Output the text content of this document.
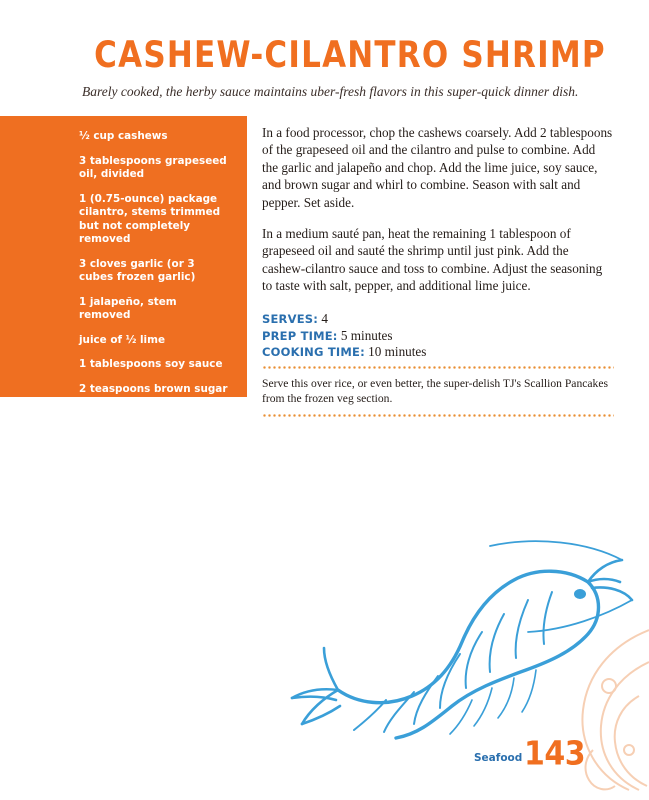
CASHEW-CILANTRO SHRIMP
Barely cooked, the herby sauce maintains uber-fresh flavors in this super-quick dinner dish.
½ cup cashews
3 tablespoons grapeseed oil, divided
1 (0.75-ounce) package cilantro, stems trimmed but not completely removed
3 cloves garlic (or 3 cubes frozen garlic)
1 jalapeño, stem removed
juice of ½ lime
1 tablespoons soy sauce
2 teaspoons brown sugar
1 pound raw shrimp, defrosted, shelled, and deveined
salt and pepper

In a food processor, chop the cashews coarsely. Add 2 tablespoons of the grapeseed oil and the cilantro and pulse to combine. Add the garlic and jalapeño and chop. Add the lime juice, soy sauce, and brown sugar and whirl to combine. Season with salt and pepper. Set aside.

In a medium sauté pan, heat the remaining 1 tablespoon of grapeseed oil and sauté the shrimp until just pink. Add the cashew-cilantro sauce and toss to combine. Adjust the seasoning to taste with salt, pepper, and additional lime juice.

SERVES: 4
PREP TIME: 5 minutes
COOKING TIME: 10 minutes
Serve this over rice, or even better, the super-delish TJ's Scallion Pancakes from the frozen veg section.
Seafood 143
